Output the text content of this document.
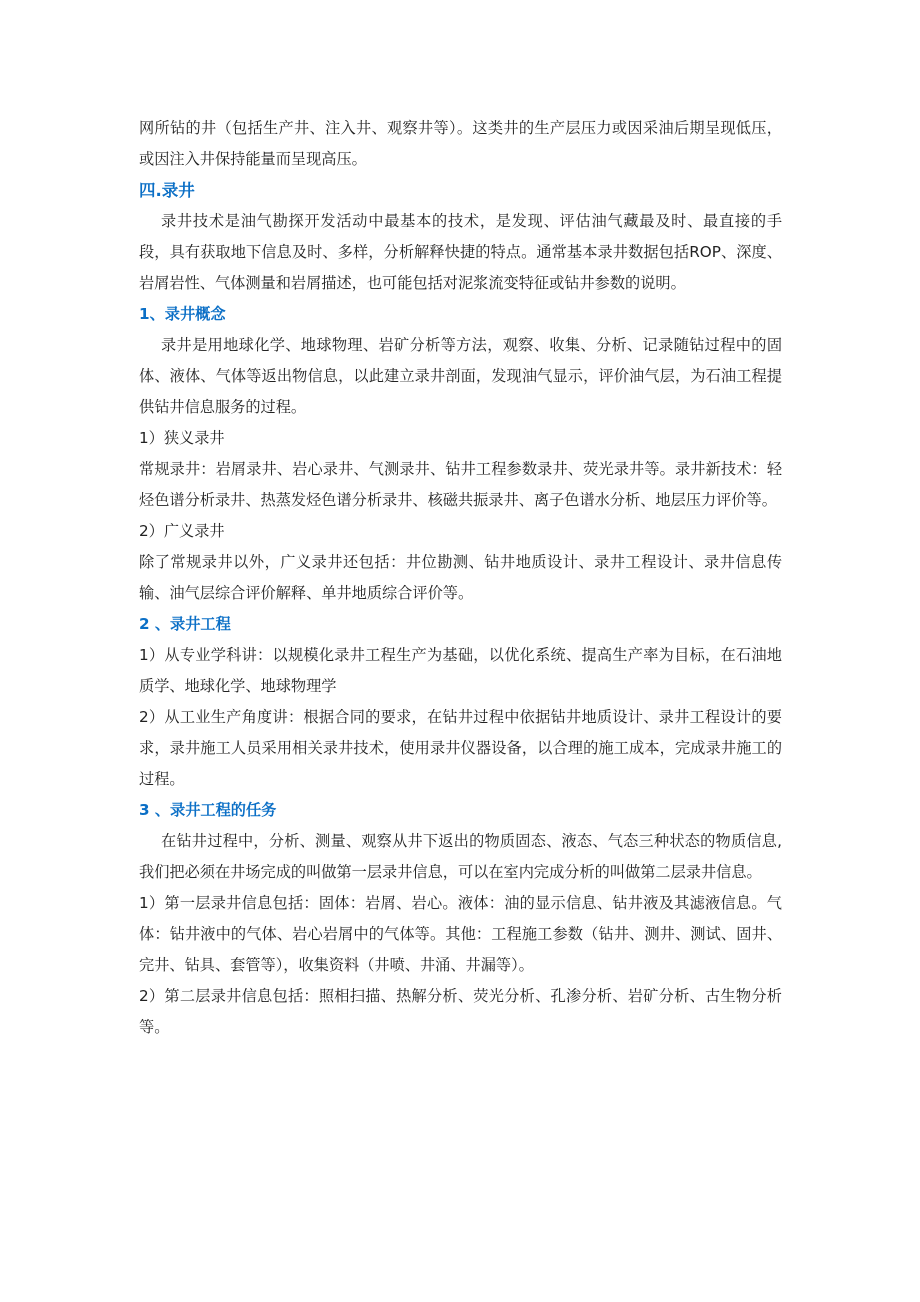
网所钻的井（包括生产井、注入井、观察井等）。这类井的生产层压力或因采油后期呈现低压，或因注入井保持能量而呈现高压。

四.录井

录井技术是油气勘探开发活动中最基本的技术，是发现、评估油气藏最及时、最直接的手段，具有获取地下信息及时、多样，分析解释快捷的特点。通常基本录井数据包括ROP、深度、岩屑岩性、气体测量和岩屑描述，也可能包括对泥浆流变特征或钻井参数的说明。

1、录井概念

录井是用地球化学、地球物理、岩矿分析等方法，观察、收集、分析、记录随钻过程中的固体、液体、气体等返出物信息，以此建立录井剖面，发现油气显示，评价油气层，为石油工程提供钻井信息服务的过程。

1）狭义录井

常规录井：岩屑录井、岩心录井、气测录井、钻井工程参数录井、荧光录井等。录井新技术：轻烃色谱分析录井、热蒸发烃色谱分析录井、核磁共振录井、离子色谱水分析、地层压力评价等。

2）广义录井

除了常规录井以外，广义录井还包括：井位勘测、钻井地质设计、录井工程设计、录井信息传输、油气层综合评价解释、单井地质综合评价等。

2 、录井工程

1）从专业学科讲：以规模化录井工程生产为基础，以优化系统、提高生产率为目标，在石油地质学、地球化学、地球物理学

2）从工业生产角度讲：根据合同的要求，在钻井过程中依据钻井地质设计、录井工程设计的要求，录井施工人员采用相关录井技术，使用录井仪器设备，以合理的施工成本，完成录井施工的过程。

3 、录井工程的任务

在钻井过程中，分析、测量、观察从井下返出的物质固态、液态、气态三种状态的物质信息,我们把必须在井场完成的叫做第一层录井信息，可以在室内完成分析的叫做第二层录井信息。

1）第一层录井信息包括：固体：岩屑、岩心。液体：油的显示信息、钻井液及其滤液信息。气体：钻井液中的气体、岩心岩屑中的气体等。其他：工程施工参数（钻井、测井、测试、固井、完井、钻具、套管等），收集资料（井喷、井涌、井漏等）。

2）第二层录井信息包括：照相扫描、热解分析、荧光分析、孔渗分析、岩矿分析、古生物分析等。
